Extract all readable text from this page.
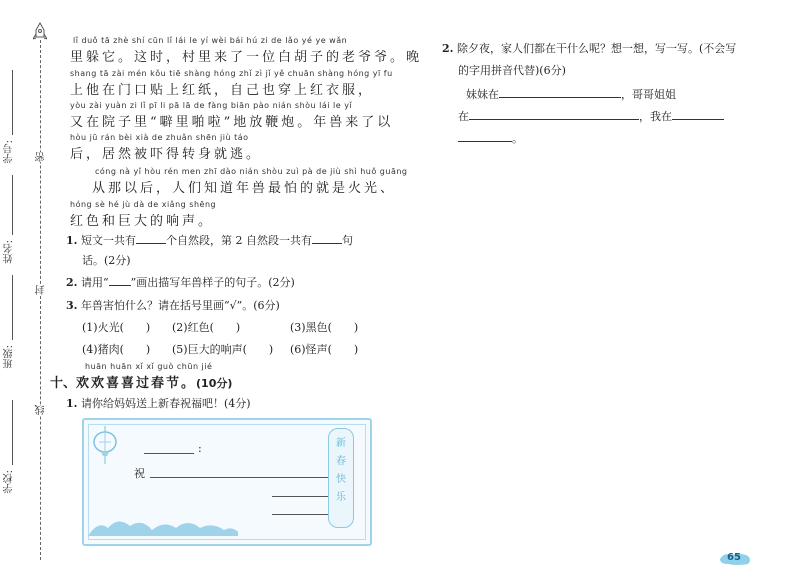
学号:
姓名:
班级:
学校:
密
封
线
lǐ duǒ tā zhè shí cūn lǐ lái le yí wèi bái hú zi de lǎo yé ye wǎn
里躲它。这时，村里来了一位白胡子的老爷爷。晚
shang tā zài mén kǒu tiē shàng hóng zhǐ zì jǐ yě chuān shàng hóng yī fu
上他在门口贴上红纸，自己也穿上红衣服，
yòu zài yuàn zi lǐ pī li pā lā de fàng biān pào nián shòu lái le yǐ
又在院子里“噼里啪啦”地放鞭炮。年兽来了以
hòu jū rán bèi xià de zhuǎn shēn jiù táo
后，居然被吓得转身就逃。
cóng nà yǐ hòu rén men zhī dào nián shòu zuì pà de jiù shì huǒ guāng
从那以后，人们知道年兽最怕的就是火光、
hóng sè hé jù dà de xiǎng shēng
红色和巨大的响声。
1. 短文一共有	个自然段，第 2 自然段一共有	句
话。(2分)
2. 请用“ ”画出描写年兽样子的句子。(2分)
3. 年兽害怕什么？请在括号里画“√”。(6分)
(1)火光(　　) (2)红色(　　)	(3)黑色(　　)
(4)猪肉(　　) (5)巨大的响声(　　) (6)怪声(　　)
huān huān xǐ xǐ guò chūn jié
十、欢欢喜喜过春节。(10分)
1. 请你给妈妈送上新春祝福吧！(4分)
:
祝
新
春
快
乐
2. 除夕夜，家人们都在干什么呢？想一想，写一写。(不会写
的字用拼音代替)(6分)
妹妹在	，哥哥姐姐
在	，我在
。
65
